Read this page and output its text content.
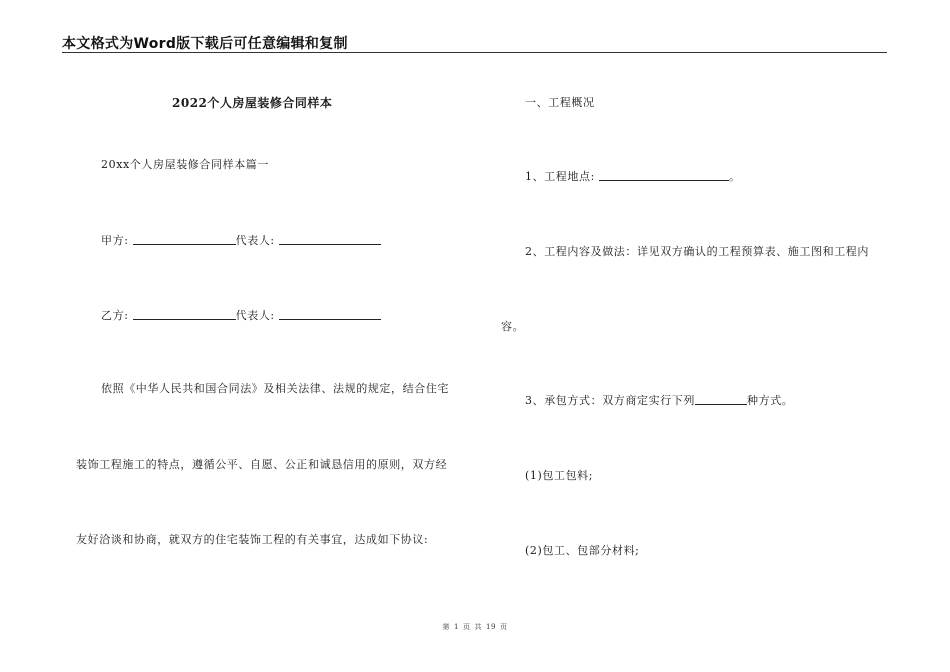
本文格式为Word版下载后可任意编辑和复制
2022个人房屋装修合同样本
20xx个人房屋装修合同样本篇一
甲方:	代表人:
乙方:	代表人:
依照《中华人民共和国合同法》及相关法律、法规的规定，结合住宅
装饰工程施工的特点，遵循公平、自愿、公正和诚恳信用的原则，双方经
友好洽谈和协商，就双方的住宅装饰工程的有关事宜，达成如下协议:
一、工程概况
1、工程地点:	。
2、工程内容及做法：详见双方确认的工程预算表、施工图和工程内
容。
3、承包方式：双方商定实行下列	种方式。
(1)包工包料;
(2)包工、包部分材料;
第 1 页 共 19 页
